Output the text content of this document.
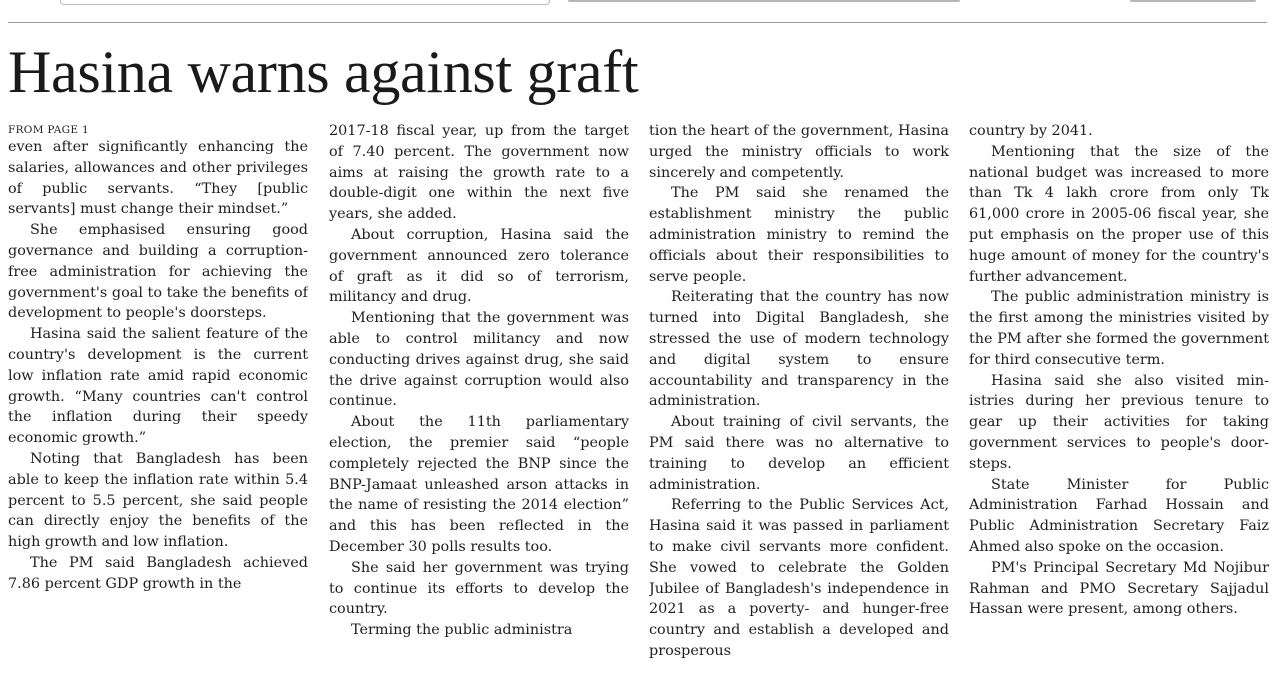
Hasina warns against graft
FROM PAGE 1

even after significantly enhancing the salaries, allowances and other privileges of public servants. “They [public servants] must change their mindset.”

She emphasised ensuring good governance and building a corruption-free administration for achieving the government's goal to take the benefits of development to people's doorsteps.

Hasina said the salient feature of the country's development is the current low inflation rate amid rapid economic growth. “Many countries can't control the inflation during their speedy economic growth.”

Noting that Bangladesh has been able to keep the inflation rate within 5.4 percent to 5.5 percent, she said people can directly enjoy the benefits of the high growth and low inflation.

The PM said Bangladesh achieved 7.86 percent GDP growth in the

2017-18 fiscal year, up from the target of 7.40 percent. The government now aims at raising the growth rate to a double-digit one within the next five years, she added.

About corruption, Hasina said the government announced zero tolerance of graft as it did so of terrorism, militancy and drug.

Mentioning that the government was able to control militancy and now conducting drives against drug, she said the drive against corruption would also continue.

About the 11th parliamentary election, the premier said “people completely rejected the BNP since the BNP-Jamaat unleashed arson attacks in the name of resisting the 2014 election” and this has been reflected in the December 30 polls results too.

She said her government was trying to continue its efforts to develop the country.

Terming the public administra

tion the heart of the government, Hasina urged the ministry officials to work sincerely and competently.

The PM said she renamed the establishment ministry the public administration ministry to remind the officials about their responsibilities to serve people.

Reiterating that the country has now turned into Digital Bangladesh, she stressed the use of modern technology and digital system to ensure accountability and transparency in the administration.

About training of civil servants, the PM said there was no alternative to training to develop an efficient administration.

Referring to the Public Services Act, Hasina said it was passed in parliament to make civil servants more confident. She vowed to celebrate the Golden Jubilee of Bangladesh's independence in 2021 as a poverty- and hunger-free country and establish a developed and prosperous

country by 2041.

Mentioning that the size of the national budget was increased to more than Tk 4 lakh crore from only Tk 61,000 crore in 2005-06 fiscal year, she put emphasis on the proper use of this huge amount of money for the country's further advancement.

The public administration ministry is the first among the ministries visited by the PM after she formed the government for third consecutive term.

Hasina said she also visited ministries during her previous tenure to gear up their activities for taking government services to people's doorsteps.

State Minister for Public Administration Farhad Hossain and Public Administration Secretary Faiz Ahmed also spoke on the occasion.

PM's Principal Secretary Md Nojibur Rahman and PMO Secretary Sajjadul Hassan were present, among others.
